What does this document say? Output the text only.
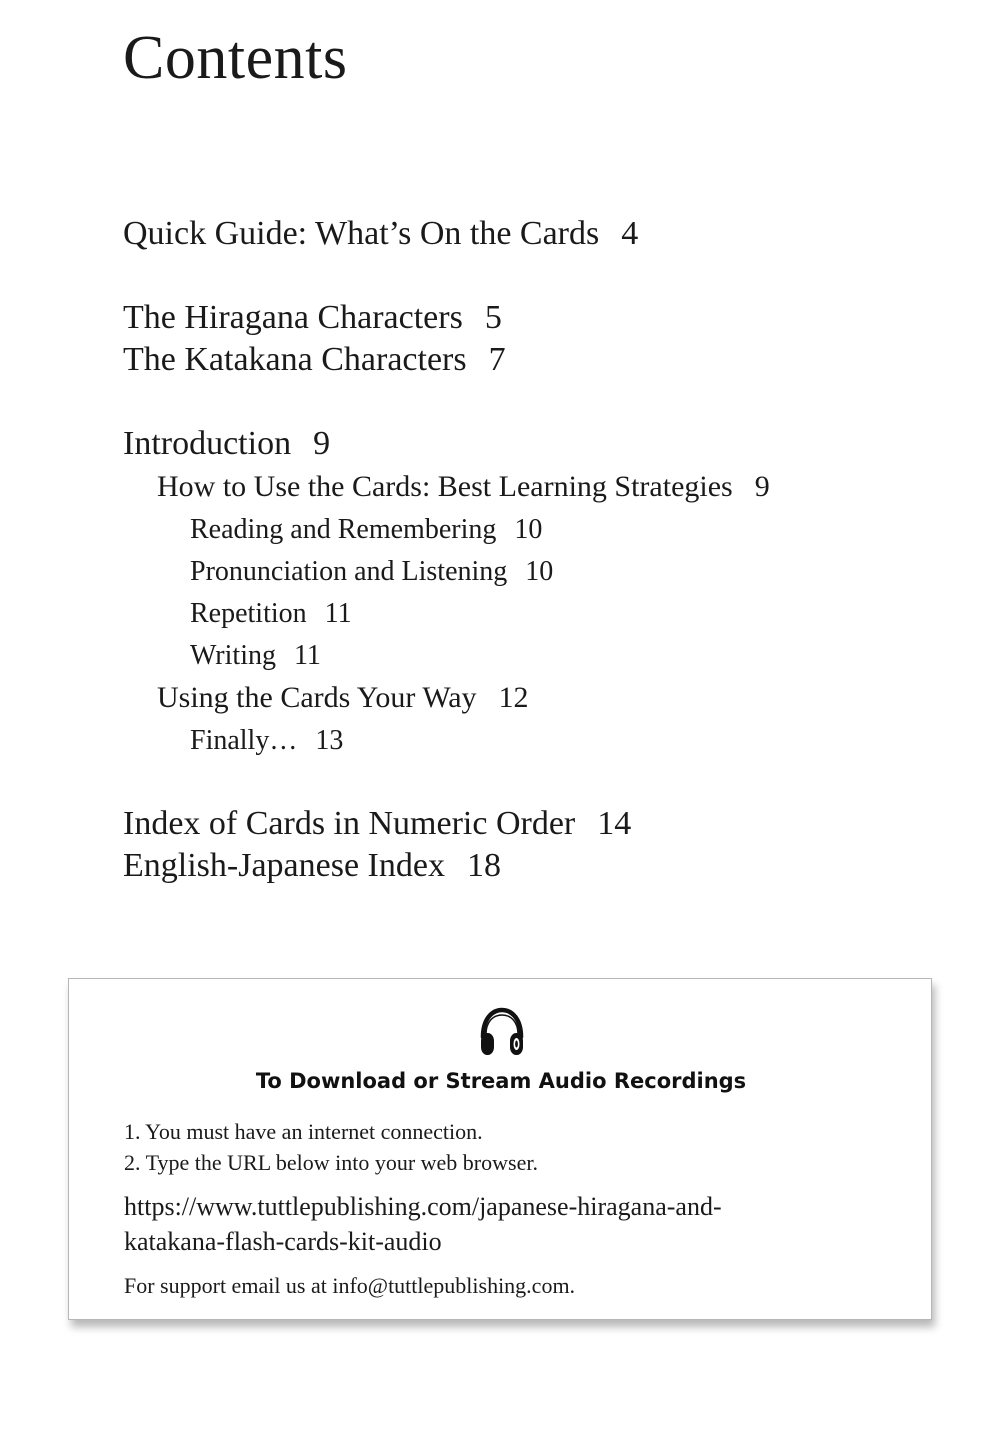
Contents

Quick Guide: What’s On the Cards 4

The Hiragana Characters 5

The Katakana Characters 7

Introduction 9

How to Use the Cards: Best Learning Strategies 9

Reading and Remembering 10

Pronunciation and Listening 10

Repetition 11

Writing 11

Using the Cards Your Way 12

Finally… 13

Index of Cards in Numeric Order 14

English-Japanese Index 18

To Download or Stream Audio Recordings

1. You must have an internet connection.
2. Type the URL below into your web browser.

https://www.tuttlepublishing.com/japanese-hiragana-and-
katakana-flash-cards-kit-audio

For support email us at info@tuttlepublishing.com.
